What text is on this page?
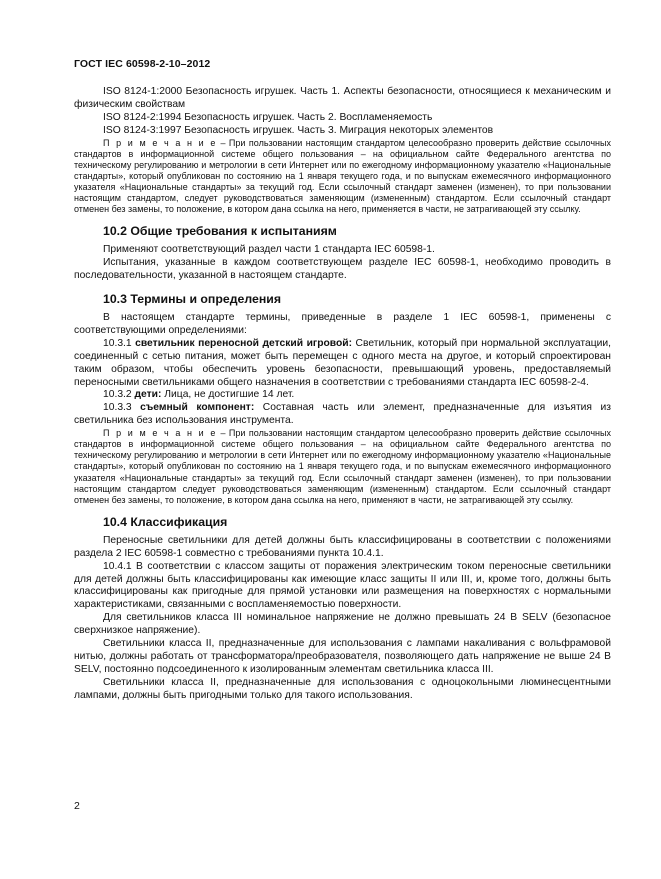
ГОСТ IEC 60598-2-10–2012

ISO 8124-1:2000 Безопасность игрушек. Часть 1. Аспекты безопасности, относящиеся к механическим и физическим свойствам

ISO 8124-2:1994 Безопасность игрушек. Часть 2. Воспламеняемость

ISO 8124-3:1997 Безопасность игрушек. Часть 3. Миграция некоторых элементов

П р и м е ч а н и е – При пользовании настоящим стандартом целесообразно проверить действие ссылочных стандартов в информационной системе общего пользования – на официальном сайте Федерального агентства по техническому регулированию и метрологии в сети Интернет или по ежегодному информационному указателю «Национальные стандарты», который опубликован по состоянию на 1 января текущего года, и по выпускам ежемесячного информационного указателя «Национальные стандарты» за текущий год. Если ссылочный стандарт заменен (изменен), то при пользовании настоящим стандартом, следует руководствоваться заменяющим (измененным) стандартом. Если ссылочный стандарт отменен без замены, то положение, в котором дана ссылка на него, применяется в части, не затрагивающей эту ссылку.

10.2 Общие требования к испытаниям

Применяют соответствующий раздел части 1 стандарта IEC 60598-1.

Испытания, указанные в каждом соответствующем разделе IEC 60598-1, необходимо проводить в последовательности, указанной в настоящем стандарте.

10.3 Термины и определения

В настоящем стандарте термины, приведенные в разделе 1 IEC 60598-1, применены с соответствующими определениями:

10.3.1 светильник переносной детский игровой: Светильник, который при нормальной эксплуатации, соединенный с сетью питания, может быть перемещен с одного места на другое, и который спроектирован таким образом, чтобы обеспечить уровень безопасности, превышающий уровень, предоставляемый переносными светильниками общего назначения в соответствии с требованиями стандарта IEC 60598-2-4.

10.3.2 дети: Лица, не достигшие 14 лет.

10.3.3 съемный компонент: Составная часть или элемент, предназначенные для изъятия из светильника без использования инструмента.

П р и м е ч а н и е – При пользовании настоящим стандартом целесообразно проверить действие ссылочных стандартов в информационной системе общего пользования – на официальном сайте Федерального агентства по техническому регулированию и метрологии в сети Интернет или по ежегодному информационному указателю «Национальные стандарты», который опубликован по состоянию на 1 января текущего года, и по выпускам ежемесячного информационного указателя «Национальные стандарты» за текущий год. Если ссылочный стандарт заменен (изменен), то при пользовании настоящим стандартом следует руководствоваться заменяющим (измененным) стандартом. Если ссылочный стандарт отменен без замены, то положение, в котором дана ссылка на него, применяют в части, не затрагивающей эту ссылку.

10.4 Классификация

Переносные светильники для детей должны быть классифицированы в соответствии с положениями раздела 2 IEC 60598-1 совместно с требованиями пункта 10.4.1.

10.4.1 В соответствии с классом защиты от поражения электрическим током переносные светильники для детей должны быть классифицированы как имеющие класс защиты II или III, и, кроме того, должны быть классифицированы как пригодные для прямой установки или размещения на поверхностях с нормальными характеристиками, связанными с воспламеняемостью поверхности.

Для светильников класса III номинальное напряжение не должно превышать 24 В SELV (безопасное сверхнизкое напряжение).

Светильники класса II, предназначенные для использования с лампами накаливания с вольфрамовой нитью, должны работать от трансформатора/преобразователя, позволяющего дать напряжение не выше 24 В SELV, постоянно подсоединенного к изолированным элементам светильника класса III.

Светильники класса II, предназначенные для использования с одноцокольными люминесцентными лампами, должны быть пригодными только для такого использования.

2
